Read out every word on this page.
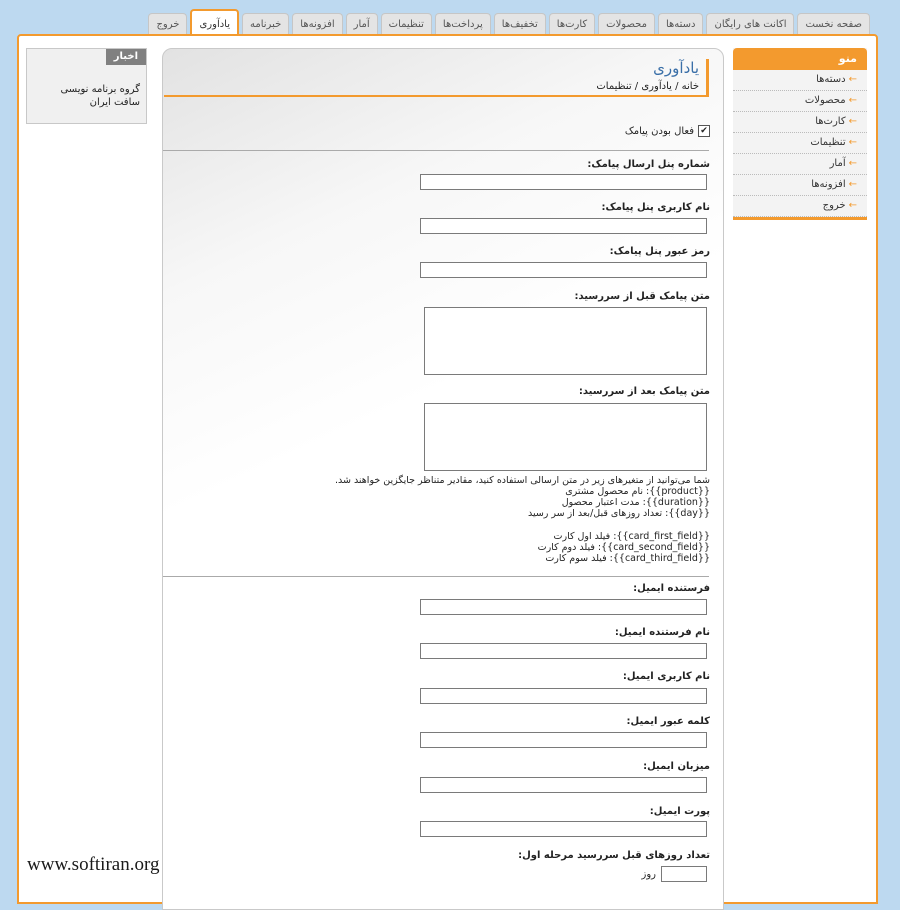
صفحه نخست
اکانت های رایگان
دسته‌ها
محصولات
کارت‌ها
تخفیف‌ها
پرداخت‌ها
تنظیمات
آمار
افزونه‌ها
خبرنامه
یادآوری
خروج
منو
←دسته‌ها
←محصولات
←کارت‌ها
←تنظیمات
←آمار
←افزونه‌ها
←خروج
اخبار
گروه برنامه نویسی سافت ایران
یادآوری
خانه / یادآوری / تنظیمات
✔
فعال بودن پیامک
شماره پنل ارسال پیامک:
نام کاربری پنل پیامک:
رمز عبور پنل پیامک:
متن پیامک قبل از سررسید:
متن پیامک بعد از سررسید:
شما می‌توانید از متغیرهای زیر در متن ارسالی استفاده کنید، مقادیر متناظر جایگزین خواهند شد.
{{product}}: نام محصول مشتری
{{duration}}: مدت اعتبار محصول
{{day}}: تعداد روزهای قبل/بعد از سر رسید
{{card_first_field}}: فیلد اول کارت
{{card_second_field}}: فیلد دوم کارت
{{card_third_field}}: فیلد سوم کارت
فرستنده ایمیل:
نام فرستنده ایمیل:
نام کاربری ایمیل:
کلمه عبور ایمیل:
میزبان ایمیل:
پورت ایمیل:
تعداد روزهای قبل سررسید مرحله اول:
روز
www.softiran.org
